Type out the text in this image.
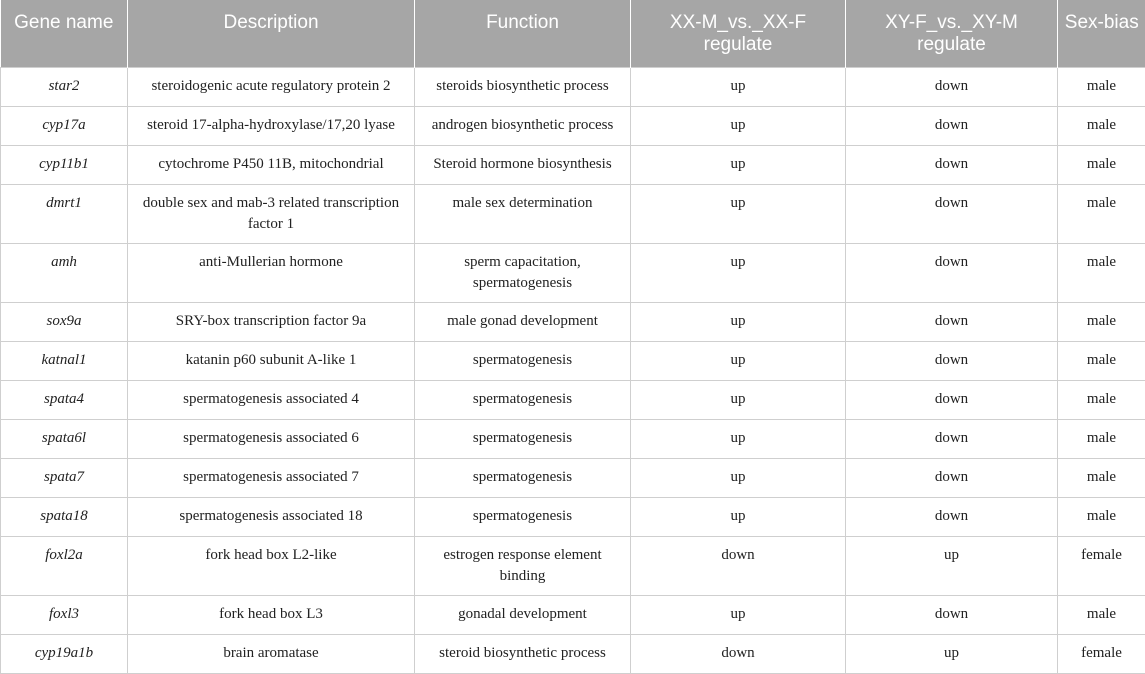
Gene name	Description	Function	XX-M_vs._XX-F regulate	XY-F_vs._XY-M regulate	Sex-bias
star2	steroidogenic acute regulatory protein 2	steroids biosynthetic process	up	down	male
cyp17a	steroid 17-alpha-hydroxylase/17,20 lyase	androgen biosynthetic process	up	down	male
cyp11b1	cytochrome P450 11B, mitochondrial	Steroid hormone biosynthesis	up	down	male
dmrt1	double sex and mab-3 related transcription factor 1	male sex determination	up	down	male
amh	anti-Mullerian hormone	sperm capacitation, spermatogenesis	up	down	male
sox9a	SRY-box transcription factor 9a	male gonad development	up	down	male
katnal1	katanin p60 subunit A-like 1	spermatogenesis	up	down	male
spata4	spermatogenesis associated 4	spermatogenesis	up	down	male
spata6l	spermatogenesis associated 6	spermatogenesis	up	down	male
spata7	spermatogenesis associated 7	spermatogenesis	up	down	male
spata18	spermatogenesis associated 18	spermatogenesis	up	down	male
foxl2a	fork head box L2-like	estrogen response element binding	down	up	female
foxl3	fork head box L3	gonadal development	up	down	male
cyp19a1b	brain aromatase	steroid biosynthetic process	down	up	female
